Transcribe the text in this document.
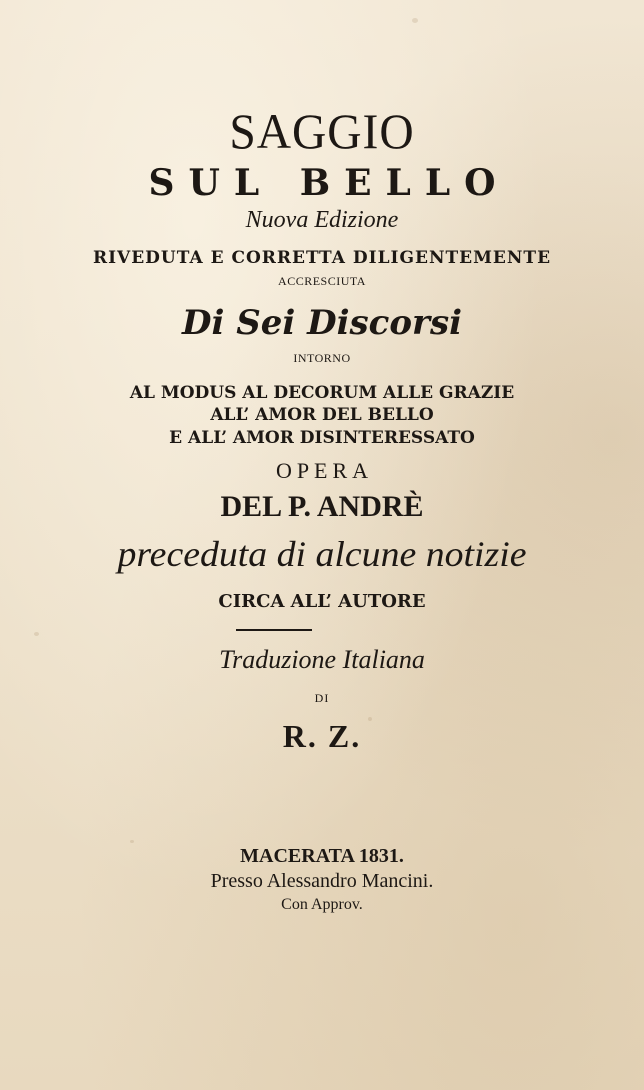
SAGGIO
SUL BELLO
Nuova Edizione
RIVEDUTA E CORRETTA DILIGENTEMENTE
ACCRESCIUTA
Di Sei Discorsi
INTORNO
AL MODUS AL DECORUM ALLE GRAZIE
ALL’ AMOR DEL BELLO
E ALL’ AMOR DISINTERESSATO
OPERA
DEL P. ANDRÈ
preceduta di alcune notizie
CIRCA ALL’ AUTORE
Traduzione Italiana
DI
R. Z.
MACERATA 1831.
Presso Alessandro Mancini.
Con Approv.
